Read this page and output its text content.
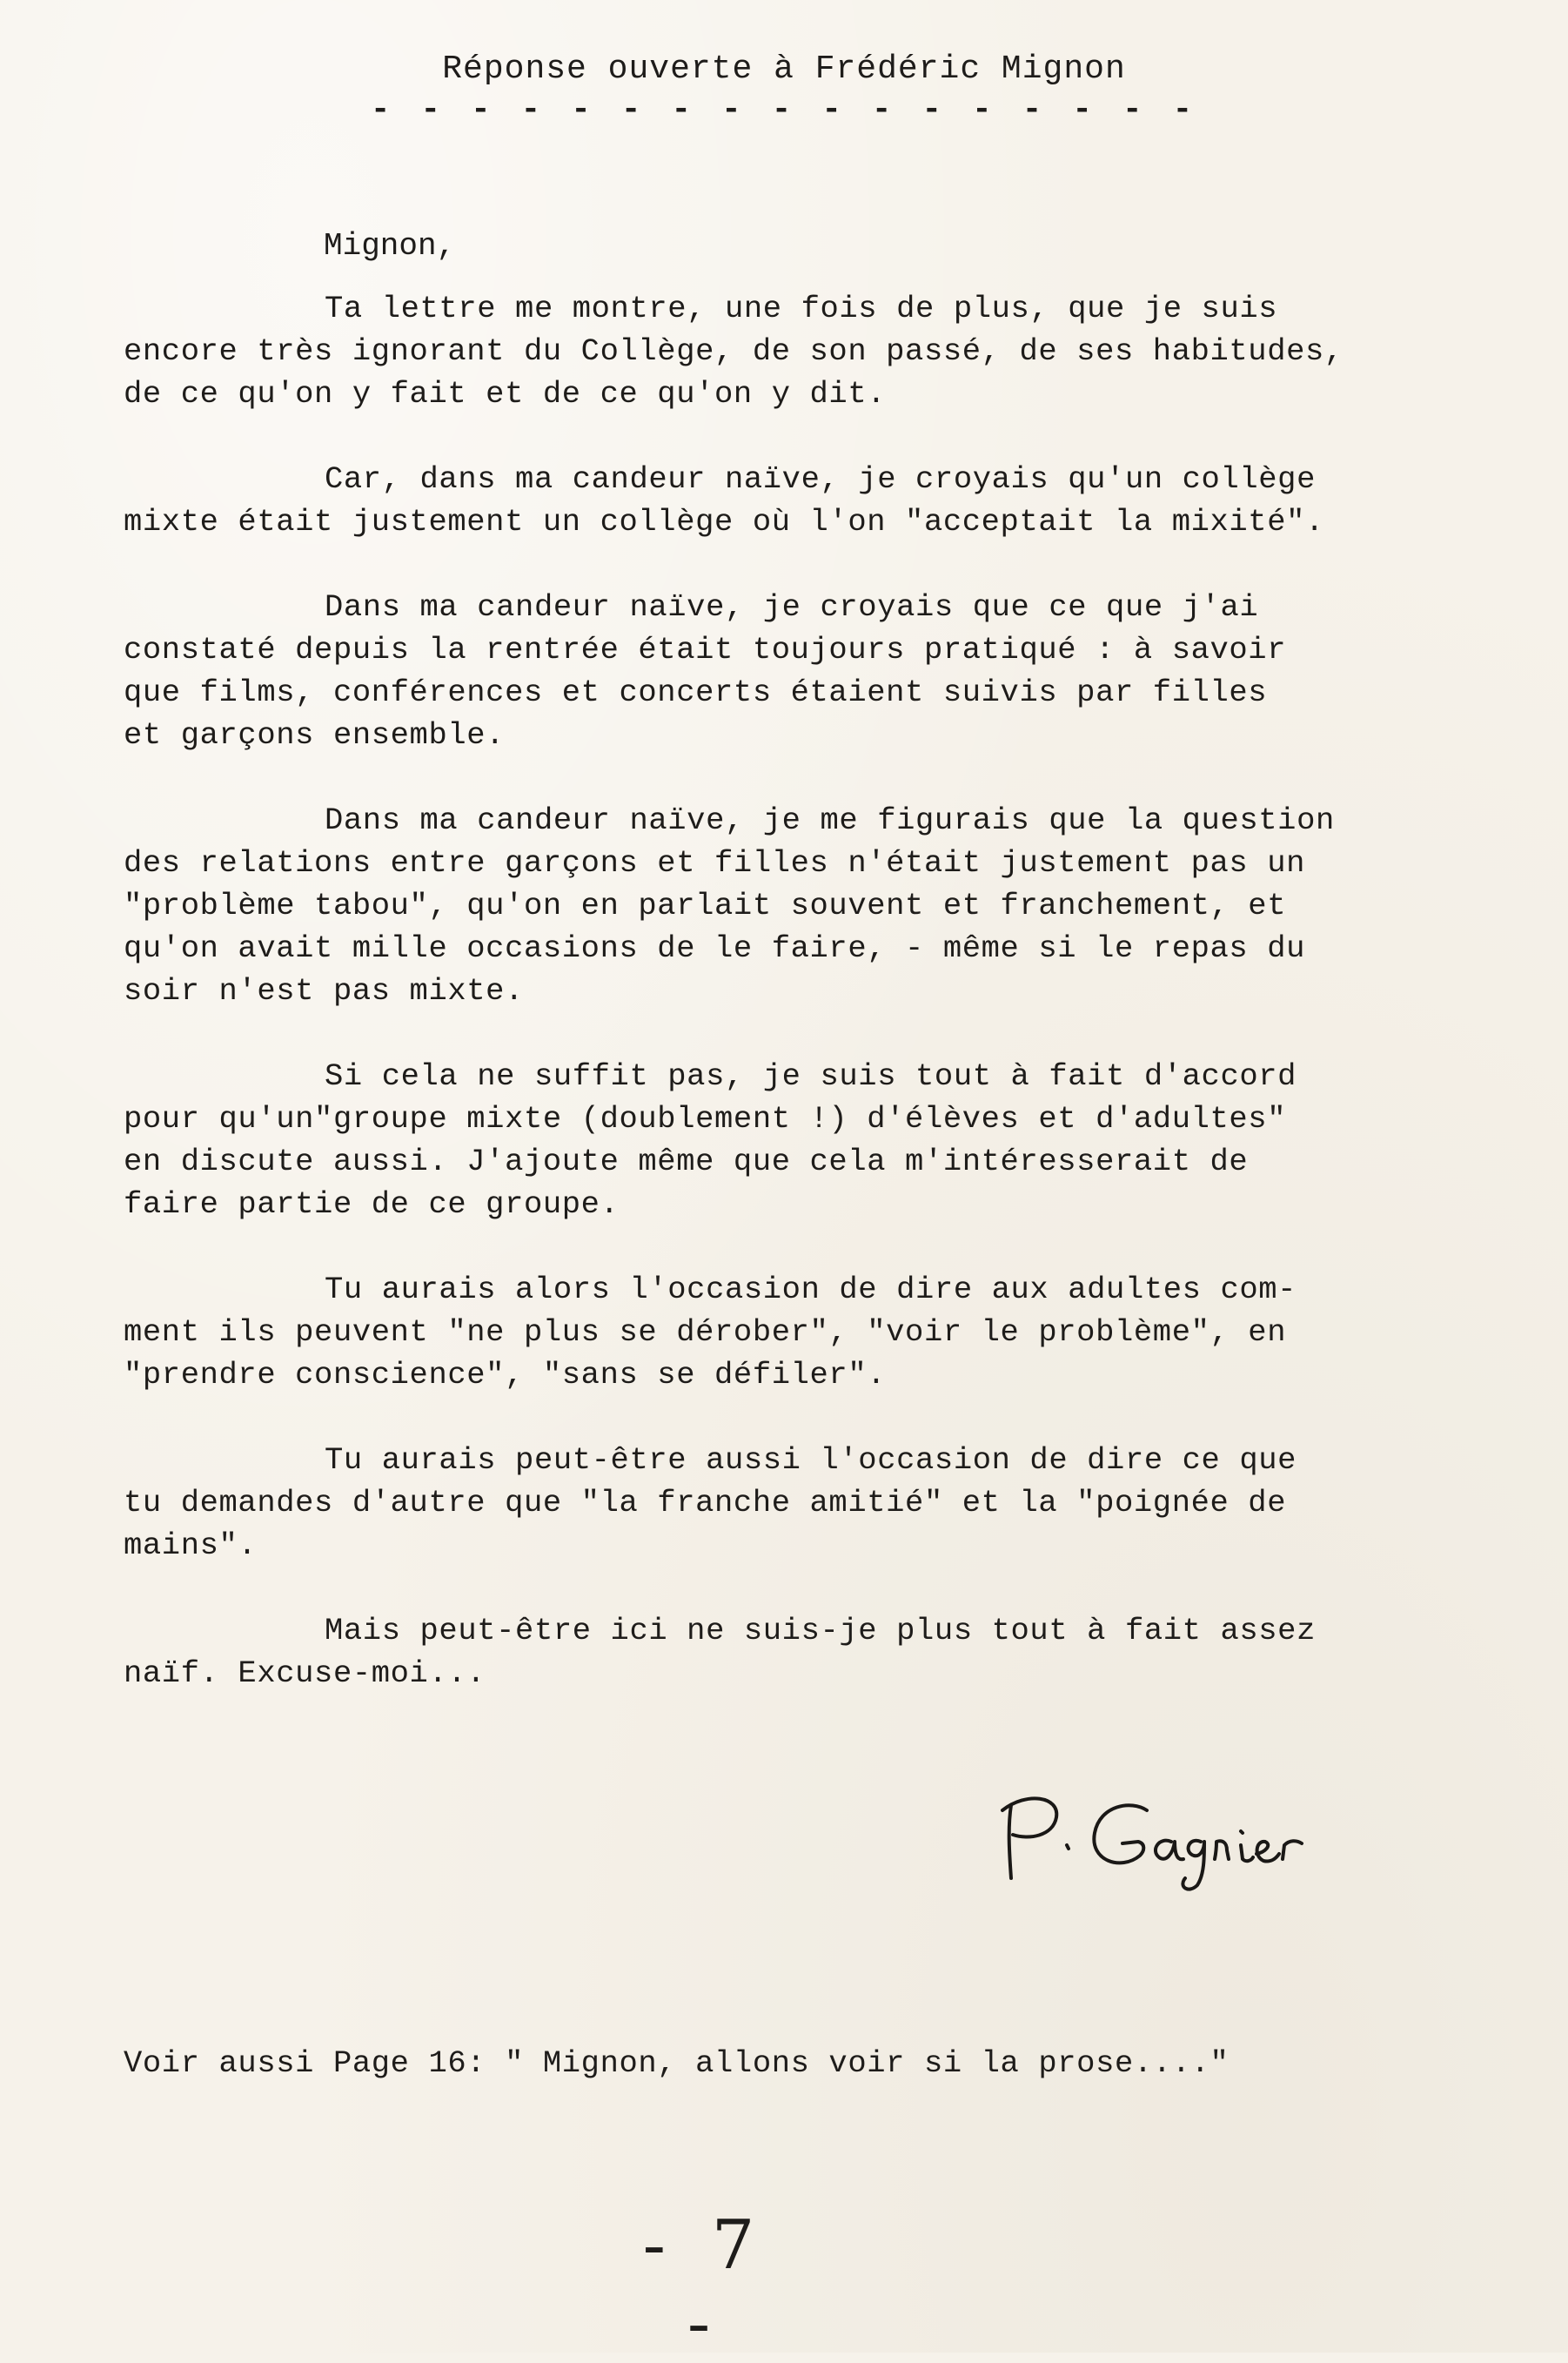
Réponse ouverte à Frédéric Mignon
- - - - - - - - - - - - - - - - -
Mignon,

Ta lettre me montre, une fois de plus, que je suis
encore très ignorant du Collège, de son passé, de ses habitudes,
de ce qu'on y fait et de ce qu'on y dit.

Car, dans ma candeur naïve, je croyais qu'un collège
mixte était justement un collège où l'on "acceptait la mixité".

Dans ma candeur naïve, je croyais que ce que j'ai
constaté depuis la rentrée était toujours pratiqué : à savoir
que films, conférences et concerts étaient suivis par filles
et garçons ensemble.

Dans ma candeur naïve, je me figurais que la question
des relations entre garçons et filles n'était justement pas un
"problème tabou", qu'on en parlait souvent et franchement, et
qu'on avait mille occasions de le faire, - même si le repas du
soir n'est pas mixte.

Si cela ne suffit pas, je suis tout à fait d'accord
pour qu'un"groupe mixte (doublement !) d'élèves et d'adultes"
en discute aussi. J'ajoute même que cela m'intéresserait de
faire partie de ce groupe.

Tu aurais alors l'occasion de dire aux adultes com-
ment ils peuvent "ne plus se dérober", "voir le problème", en
"prendre conscience", "sans se défiler".

Tu aurais peut-être aussi l'occasion de dire ce que
tu demandes d'autre que "la franche amitié" et la "poignée de
mains".

Mais peut-être ici ne suis-je plus tout à fait assez
naïf. Excuse-moi...

Voir aussi Page 16: " Mignon, allons voir si la prose...."
- 7 -
